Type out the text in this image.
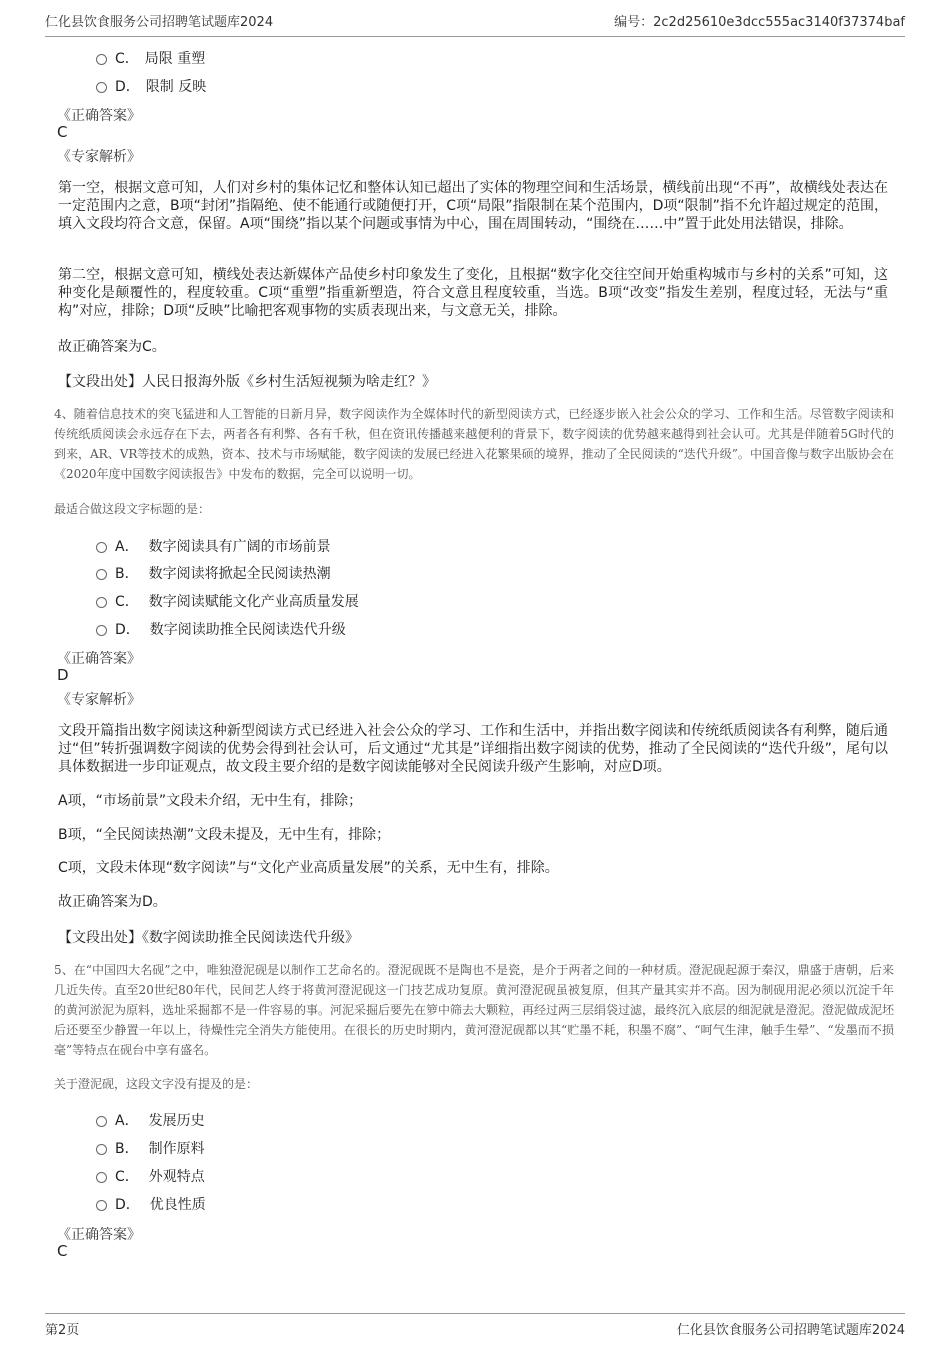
仁化县饮食服务公司招聘笔试题库2024	编号：2c2d25610e3dcc555ac3140f37374baf
C． 局限 重塑
D． 限制 反映
《正确答案》
C
《专家解析》
第一空，根据文意可知，人们对乡村的集体记忆和整体认知已超出了实体的物理空间和生活场景，横线前出现“不再”，故横线处表达在一定范围内之意，B项“封闭”指隔绝、使不能通行或随便打开，C项“局限”指限制在某个范围内，D项“限制”指不允许超过规定的范围，填入文段均符合文意，保留。A项“围绕”指以某个问题或事情为中心，围在周围转动，“围绕在……中”置于此处用法错误，排除。
第二空，根据文意可知，横线处表达新媒体产品使乡村印象发生了变化，且根据“数字化交往空间开始重构城市与乡村的关系”可知，这种变化是颠覆性的，程度较重。C项“重塑”指重新塑造，符合文意且程度较重，当选。B项“改变”指发生差别，程度过轻，无法与“重构”对应，排除；D项“反映”比喻把客观事物的实质表现出来，与文意无关，排除。
故正确答案为C。
【文段出处】人民日报海外版《乡村生活短视频为啥走红？》
4、随着信息技术的突飞猛进和人工智能的日新月异，数字阅读作为全媒体时代的新型阅读方式，已经逐步嵌入社会公众的学习、工作和生活。尽管数字阅读和传统纸质阅读会永远存在下去，两者各有利弊、各有千秋，但在资讯传播越来越便利的背景下，数字阅读的优势越来越得到社会认可。尤其是伴随着5G时代的到来，AR、VR等技术的成熟，资本、技术与市场赋能，数字阅读的发展已经进入花繁果硕的境界，推动了全民阅读的“迭代升级”。中国音像与数字出版协会在《2020年度中国数字阅读报告》中发布的数据，完全可以说明一切。
最适合做这段文字标题的是：
A． 数字阅读具有广阔的市场前景
B． 数字阅读将掀起全民阅读热潮
C． 数字阅读赋能文化产业高质量发展
D． 数字阅读助推全民阅读迭代升级
《正确答案》
D
《专家解析》
文段开篇指出数字阅读这种新型阅读方式已经进入社会公众的学习、工作和生活中，并指出数字阅读和传统纸质阅读各有利弊，随后通过“但”转折强调数字阅读的优势会得到社会认可，后文通过“尤其是”详细指出数字阅读的优势，推动了全民阅读的“迭代升级”，尾句以具体数据进一步印证观点，故文段主要介绍的是数字阅读能够对全民阅读升级产生影响，对应D项。
A项，“市场前景”文段未介绍，无中生有，排除；
B项，“全民阅读热潮”文段未提及，无中生有，排除；
C项，文段未体现“数字阅读”与“文化产业高质量发展”的关系，无中生有，排除。
故正确答案为D。
【文段出处】《数字阅读助推全民阅读迭代升级》
5、在“中国四大名砚”之中，唯独澄泥砚是以制作工艺命名的。澄泥砚既不是陶也不是瓷，是介于两者之间的一种材质。澄泥砚起源于秦汉，鼎盛于唐朝，后来几近失传。直至20世纪80年代，民间艺人终于将黄河澄泥砚这一门技艺成功复原。黄河澄泥砚虽被复原，但其产量其实并不高。因为制砚用泥必须以沉淀千年的黄河淤泥为原料，选址采掘都不是一件容易的事。河泥采掘后要先在箩中筛去大颗粒，再经过两三层绢袋过滤，最终沉入底层的细泥就是澄泥。澄泥做成泥坯后还要至少静置一年以上，待燥性完全消失方能使用。在很长的历史时期内，黄河澄泥砚都以其“贮墨不耗，积墨不腐”、“呵气生津，触手生晕”、“发墨而不损毫”等特点在砚台中享有盛名。
关于澄泥砚，这段文字没有提及的是：
A． 发展历史
B． 制作原料
C． 外观特点
D． 优良性质
《正确答案》
C
第2页	仁化县饮食服务公司招聘笔试题库2024
